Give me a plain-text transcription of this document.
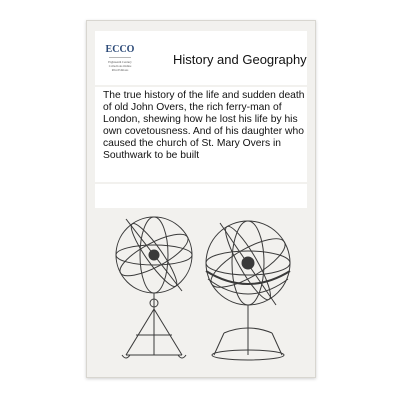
ECCO
Eighteenth Century
Collections Online
Print Editions
History and Geography
The true history of the life and sudden death of old John Overs, the rich ferry-man of London, shewing how he lost his life by his own covetousness. And of his daughter who caused the church of St. Mary Overs in Southwark to be built
